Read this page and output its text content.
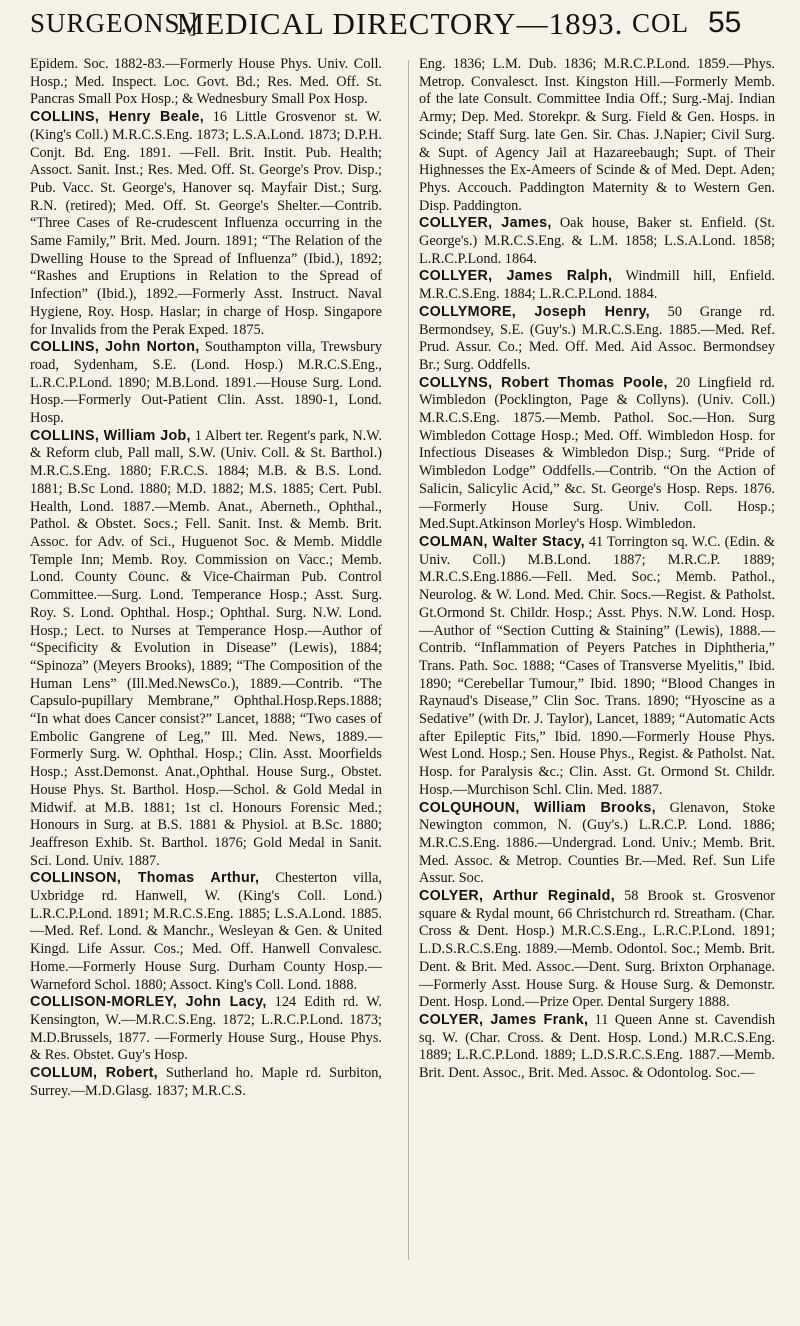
SURGEONS.]
MEDICAL DIRECTORY—1893. COL 55

Epidem. Soc. 1882-83.—Formerly House Phys. Univ. Coll. Hosp.; Med. Inspect. Loc. Govt. Bd.; Res. Med. Off. St. Pancras Small Pox Hosp.; & Wednesbury Small Pox Hosp.

COLLINS, Henry Beale, 16 Little Grosvenor st. W. (King's Coll.) M.R.C.S.Eng. 1873; L.S.A.Lond. 1873; D.P.H. Conjt. Bd. Eng. 1891. —Fell. Brit. Instit. Pub. Health; Assoct. Sanit. Inst.; Res. Med. Off. St. George's Prov. Disp.; Pub. Vacc. St. George's, Hanover sq. Mayfair Dist.; Surg. R.N. (retired); Med. Off. St. George's Shelter.—Contrib. “Three Cases of Re-crudescent Influenza occurring in the Same Family,” Brit. Med. Journ. 1891; “The Relation of the Dwelling House to the Spread of Influenza” (Ibid.), 1892; “Rashes and Eruptions in Relation to the Spread of Infection” (Ibid.), 1892.—Formerly Asst. Instruct. Naval Hygiene, Roy. Hosp. Haslar; in charge of Hosp. Singapore for Invalids from the Perak Exped. 1875.

COLLINS, John Norton, Southampton villa, Trewsbury road, Sydenham, S.E. (Lond. Hosp.) M.R.C.S.Eng., L.R.C.P.Lond. 1890; M.B.Lond. 1891.—House Surg. Lond. Hosp.—Formerly Out-Patient Clin. Asst. 1890-1, Lond. Hosp.

COLLINS, William Job, 1 Albert ter. Regent's park, N.W. & Reform club, Pall mall, S.W. (Univ. Coll. & St. Barthol.) M.R.C.S.Eng. 1880; F.R.C.S. 1884; M.B. & B.S. Lond. 1881; B.Sc Lond. 1880; M.D. 1882; M.S. 1885; Cert. Publ. Health, Lond. 1887.—Memb. Anat., Aberneth., Ophthal., Pathol. & Obstet. Socs.; Fell. Sanit. Inst. & Memb. Brit. Assoc. for Adv. of Sci., Huguenot Soc. & Memb. Middle Temple Inn; Memb. Roy. Commission on Vacc.; Memb. Lond. County Counc. & Vice-Chairman Pub. Control Committee.—Surg. Lond. Temperance Hosp.; Asst. Surg. Roy. S. Lond. Ophthal. Hosp.; Ophthal. Surg. N.W. Lond. Hosp.; Lect. to Nurses at Temperance Hosp.—Author of “Specificity & Evolution in Disease” (Lewis), 1884; “Spinoza” (Meyers Brooks), 1889; “The Composition of the Human Lens” (Ill.Med.NewsCo.), 1889.—Contrib. “The Capsulo-pupillary Membrane,” Ophthal.Hosp.Reps.1888; “In what does Cancer consist?” Lancet, 1888; “Two cases of Embolic Gangrene of Leg,” Ill. Med. News, 1889.—Formerly Surg. W. Ophthal. Hosp.; Clin. Asst. Moorfields Hosp.; Asst.Demonst. Anat.,Ophthal. House Surg., Obstet. House Phys. St. Barthol. Hosp.—Schol. & Gold Medal in Midwif. at M.B. 1881; 1st cl. Honours Forensic Med.; Honours in Surg. at B.S. 1881 & Physiol. at B.Sc. 1880; Jeaffreson Exhib. St. Barthol. 1876; Gold Medal in Sanit. Sci. Lond. Univ. 1887.

COLLINSON, Thomas Arthur, Chesterton villa, Uxbridge rd. Hanwell, W. (King's Coll. Lond.) L.R.C.P.Lond. 1891; M.R.C.S.Eng. 1885; L.S.A.Lond. 1885.—Med. Ref. Lond. & Manchr., Wesleyan & Gen. & United Kingd. Life Assur. Cos.; Med. Off. Hanwell Convalesc. Home.—Formerly House Surg. Durham County Hosp.—Warneford Schol. 1880; Assoct. King's Coll. Lond. 1888.

COLLISON-MORLEY, John Lacy, 124 Edith rd. W. Kensington, W.—M.R.C.S.Eng. 1872; L.R.C.P.Lond. 1873; M.D.Brussels, 1877. —Formerly House Surg., House Phys. & Res. Obstet. Guy's Hosp.

COLLUM, Robert, Sutherland ho. Maple rd. Surbiton, Surrey.—M.D.Glasg. 1837; M.R.C.S.

Eng. 1836; L.M. Dub. 1836; M.R.C.P.Lond. 1859.—Phys. Metrop. Convalesct. Inst. Kingston Hill.—Formerly Memb. of the late Consult. Committee India Off.; Surg.-Maj. Indian Army; Dep. Med. Storekpr. & Surg. Field & Gen. Hosps. in Scinde; Staff Surg. late Gen. Sir. Chas. J.Napier; Civil Surg. & Supt. of Agency Jail at Hazareebaugh; Supt. of Their Highnesses the Ex-Ameers of Scinde & of Med. Dept. Aden; Phys. Accouch. Paddington Maternity & to Western Gen. Disp. Paddington.

COLLYER, James, Oak house, Baker st. Enfield. (St. George's.) M.R.C.S.Eng. & L.M. 1858; L.S.A.Lond. 1858; L.R.C.P.Lond. 1864.

COLLYER, James Ralph, Windmill hill, Enfield. M.R.C.S.Eng. 1884; L.R.C.P.Lond. 1884.

COLLYMORE, Joseph Henry, 50 Grange rd. Bermondsey, S.E. (Guy's.) M.R.C.S.Eng. 1885.—Med. Ref. Prud. Assur. Co.; Med. Off. Med. Aid Assoc. Bermondsey Br.; Surg. Oddfells.

COLLYNS, Robert Thomas Poole, 20 Lingfield rd. Wimbledon (Pocklington, Page & Collyns). (Univ. Coll.) M.R.C.S.Eng. 1875.—Memb. Pathol. Soc.—Hon. Surg Wimbledon Cottage Hosp.; Med. Off. Wimbledon Hosp. for Infectious Diseases & Wimbledon Disp.; Surg. “Pride of Wimbledon Lodge” Oddfells.—Contrib. “On the Action of Salicin, Salicylic Acid,” &c. St. George's Hosp. Reps. 1876.—Formerly House Surg. Univ. Coll. Hosp.; Med.Supt.Atkinson Morley's Hosp. Wimbledon.

COLMAN, Walter Stacy, 41 Torrington sq. W.C. (Edin. & Univ. Coll.) M.B.Lond. 1887; M.R.C.P. 1889; M.R.C.S.Eng.1886.—Fell. Med. Soc.; Memb. Pathol., Neurolog. & W. Lond. Med. Chir. Socs.—Regist. & Patholst. Gt.Ormond St. Childr. Hosp.; Asst. Phys. N.W. Lond. Hosp. —Author of “Section Cutting & Staining” (Lewis), 1888.—Contrib. “Inflammation of Peyers Patches in Diphtheria,” Trans. Path. Soc. 1888; “Cases of Transverse Myelitis,” Ibid. 1890; “Cerebellar Tumour,” Ibid. 1890; “Blood Changes in Raynaud's Disease,” Clin Soc. Trans. 1890; “Hyoscine as a Sedative” (with Dr. J. Taylor), Lancet, 1889; “Automatic Acts after Epileptic Fits,” Ibid. 1890.—Formerly House Phys. West Lond. Hosp.; Sen. House Phys., Regist. & Patholst. Nat. Hosp. for Paralysis &c.; Clin. Asst. Gt. Ormond St. Childr. Hosp.—Murchison Schl. Clin. Med. 1887.

COLQUHOUN, William Brooks, Glenavon, Stoke Newington common, N. (Guy's.) L.R.C.P. Lond. 1886; M.R.C.S.Eng. 1886.—Undergrad. Lond. Univ.; Memb. Brit. Med. Assoc. & Metrop. Counties Br.—Med. Ref. Sun Life Assur. Soc.

COLYER, Arthur Reginald, 58 Brook st. Grosvenor square & Rydal mount, 66 Christchurch rd. Streatham. (Char. Cross & Dent. Hosp.) M.R.C.S.Eng., L.R.C.P.Lond. 1891; L.D.S.R.C.S.Eng. 1889.—Memb. Odontol. Soc.; Memb. Brit. Dent. & Brit. Med. Assoc.—Dent. Surg. Brixton Orphanage.—Formerly Asst. House Surg. & House Surg. & Demonstr. Dent. Hosp. Lond.—Prize Oper. Dental Surgery 1888.

COLYER, James Frank, 11 Queen Anne st. Cavendish sq. W. (Char. Cross. & Dent. Hosp. Lond.) M.R.C.S.Eng. 1889; L.R.C.P.Lond. 1889; L.D.S.R.C.S.Eng. 1887.—Memb. Brit. Dent. Assoc., Brit. Med. Assoc. & Odontolog. Soc.—
